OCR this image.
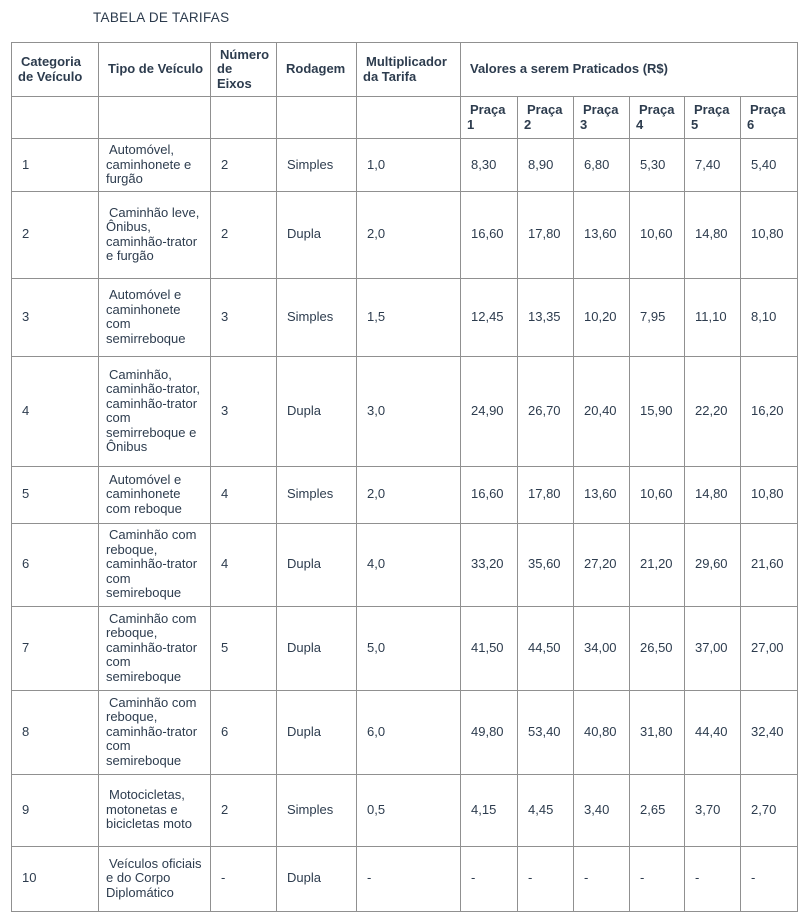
TABELA DE TARIFAS
Categoria de Veículo	Tipo de Veículo	Número de Eixos	Rodagem	Multiplicador da Tarifa	Valores a serem Praticados (R$)					
					Praça 1	Praça 2	Praça 3	Praça 4	Praça 5	Praça 6
1	Automóvel, caminhonete e furgão	2	Simples	1,0	8,30	8,90	6,80	5,30	7,40	5,40
2	Caminhão leve, Ônibus, caminhão-trator e furgão	2	Dupla	2,0	16,60	17,80	13,60	10,60	14,80	10,80
3	Automóvel e caminhonete com semirreboque	3	Simples	1,5	12,45	13,35	10,20	7,95	11,10	8,10
4	Caminhão, caminhão-trator, caminhão-trator com semirreboque e Ônibus	3	Dupla	3,0	24,90	26,70	20,40	15,90	22,20	16,20
5	Automóvel e caminhonete com reboque	4	Simples	2,0	16,60	17,80	13,60	10,60	14,80	10,80
6	Caminhão com reboque, caminhão-trator com semireboque	4	Dupla	4,0	33,20	35,60	27,20	21,20	29,60	21,60
7	Caminhão com reboque, caminhão-trator com semireboque	5	Dupla	5,0	41,50	44,50	34,00	26,50	37,00	27,00
8	Caminhão com reboque, caminhão-trator com semireboque	6	Dupla	6,0	49,80	53,40	40,80	31,80	44,40	32,40
9	Motocicletas, motonetas e bicicletas moto	2	Simples	0,5	4,15	4,45	3,40	2,65	3,70	2,70
10	Veículos oficiais e do Corpo Diplomático	-	Dupla	-	-	-	-	-	-	-
